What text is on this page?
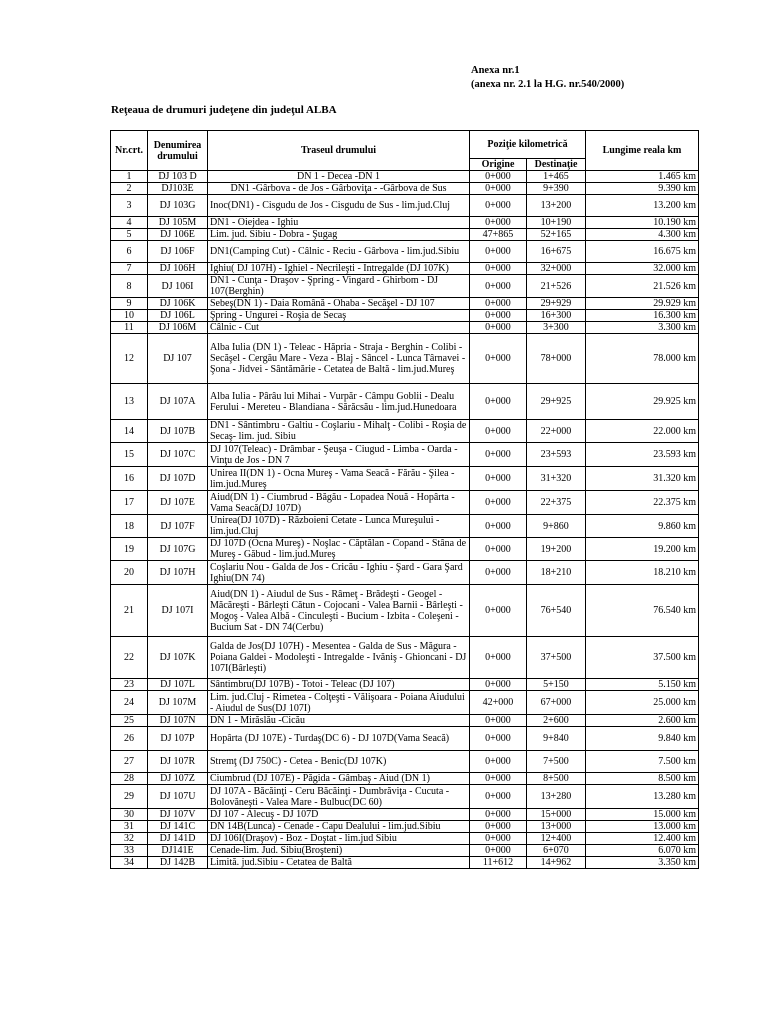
Anexa nr.1
(anexa nr. 2.1 la H.G. nr.540/2000)
Reţeaua de drumuri judeţene din judeţul ALBA
Nr.crt.	Denumirea drumului	Traseul drumului	Poziţie kilometrică		Lungime reala km
			Origine	Destinaţie	
1	DJ 103 D	DN 1 - Decea -DN 1	0+000	1+465	1.465 km
2	DJ103E	DN1 -Gârbova - de Jos - Gârboviţa - -Gârbova de Sus	0+000	9+390	9.390 km
3	DJ 103G	Inoc(DN1) - Cisgudu de Jos - Cisgudu de Sus - lim.jud.Cluj	0+000	13+200	13.200 km
4	DJ 105M	DN1 - Oiejdea - Ighiu	0+000	10+190	10.190 km
5	DJ 106E	Lim. jud. Sibiu - Dobra - Şugag	47+865	52+165	4.300 km
6	DJ 106F	DN1(Camping Cut) - Câlnic - Reciu - Gârbova - lim.jud.Sibiu	0+000	16+675	16.675 km
7	DJ 106H	Ighiu( DJ 107H) - Ighiel - Necrileşti - Intregalde (DJ 107K)	0+000	32+000	32.000 km
8	DJ 106I	DN1 - Cunţa - Draşov - Şpring - Vingard - Ghirbom - DJ 107(Berghin)	0+000	21+526	21.526 km
9	DJ 106K	Sebeş(DN 1) - Daia Română - Ohaba - Secăşel - DJ 107	0+000	29+929	29.929 km
10	DJ 106L	Şpring - Ungurei - Roşia de Secaş	0+000	16+300	16.300 km
11	DJ 106M	Câlnic - Cut	0+000	3+300	3.300 km
12	DJ 107	Alba Iulia (DN 1) - Teleac - Hăpria - Straja - Berghin - Colibi - Secăşel - Cergău Mare - Veza - Blaj - Sâncel - Lunca Târnavei - Şona - Jidvei - Sântămărie - Cetatea de Baltă - lim.jud.Mureş	0+000	78+000	78.000 km
13	DJ 107A	Alba Iulia - Pârâu lui Mihai - Vurpăr - Câmpu Goblii - Dealu Ferului - Mereteu - Blandiana - Sărăcsău - lim.jud.Hunedoara	0+000	29+925	29.925 km
14	DJ 107B	DN1 - Sântimbru - Galtiu - Coşlariu - Mihalţ - Colibi - Roşia de Secaş- lim. jud. Sibiu	0+000	22+000	22.000 km
15	DJ 107C	DJ 107(Teleac) - Drâmbar - Şeuşa - Ciugud - Limba - Oarda - Vinţu de Jos - DN 7	0+000	23+593	23.593 km
16	DJ 107D	Unirea II(DN 1) - Ocna Mureş - Vama Seacă - Fărău - Şilea - lim.jud.Mureş	0+000	31+320	31.320 km
17	DJ 107E	Aiud(DN 1) - Ciumbrud - Băgău - Lopadea Nouă - Hopârta - Vama Seacă(DJ 107D)	0+000	22+375	22.375 km
18	DJ 107F	Unirea(DJ 107D) - Războieni Cetate - Lunca Mureşului - lim.jud.Cluj	0+000	9+860	9.860 km
19	DJ 107G	DJ 107D (Ocna Mureş) - Noşlac - Căptălan - Copand - Stâna de Mureş - Găbud - lim.jud.Mureş	0+000	19+200	19.200 km
20	DJ 107H	Coşlariu Nou - Galda de Jos - Cricău - Ighiu - Şard - Gara Şard Ighiu(DN 74)	0+000	18+210	18.210 km
21	DJ 107I	Aiud(DN 1) - Aiudul de Sus - Râmeţ - Brădeşti - Geogel - Măcăreşti - Bârleşti Cătun - Cojocani - Valea Barnii - Bârleşti - Mogoş - Valea Albă - Cinculeşti - Bucium - Izbita - Coleşeni - Bucium Sat - DN 74(Cerbu)	0+000	76+540	76.540 km
22	DJ 107K	Galda de Jos(DJ 107H) - Mesentea - Galda de Sus - Măgura - Poiana Galdei - Modoleşti - Intregalde - Ivăniş - Ghioncani - DJ 107I(Bârleşti)	0+000	37+500	37.500 km
23	DJ 107L	Sântimbru(DJ 107B) - Totoi - Teleac (DJ 107)	0+000	5+150	5.150 km
24	DJ 107M	Lim. jud.Cluj - Rimetea - Colţeşti - Vălişoara - Poiana Aiudului - Aiudul de Sus(DJ 107I)	42+000	67+000	25.000 km
25	DJ 107N	DN 1 - Mirăslău -Cicău	0+000	2+600	2.600 km
26	DJ 107P	Hopârta (DJ 107E) - Turdaş(DC 6) - DJ 107D(Vama Seacă)	0+000	9+840	9.840 km
27	DJ 107R	Stremţ (DJ 750C) - Cetea - Benic(DJ 107K)	0+000	7+500	7.500 km
28	DJ 107Z	Ciumbrud (DJ 107E) - Păgida - Gâmbaş - Aiud (DN 1)	0+000	8+500	8.500 km
29	DJ 107U	DJ 107A - Băcăinţi - Ceru Băcăinţi - Dumbrăviţa - Cucuta - Bolovăneşti - Valea Mare - Bulbuc(DC 60)	0+000	13+280	13.280 km
30	DJ 107V	DJ 107 - Alecuş - DJ 107D	0+000	15+000	15.000 km
31	DJ 141C	DN 14B(Lunca) - Cenade - Capu Dealului - lim.jud.Sibiu	0+000	13+000	13.000 km
32	DJ 141D	DJ 106I(Draşov) - Boz - Doştat - lim.jud Sibiu	0+000	12+400	12.400 km
33	DJ141E	Cenade-lim. Jud. Sibiu(Broşteni)	0+000	6+070	6.070 km
34	DJ 142B	Limită. jud.Sibiu - Cetatea de Baltă	11+612	14+962	3.350 km
